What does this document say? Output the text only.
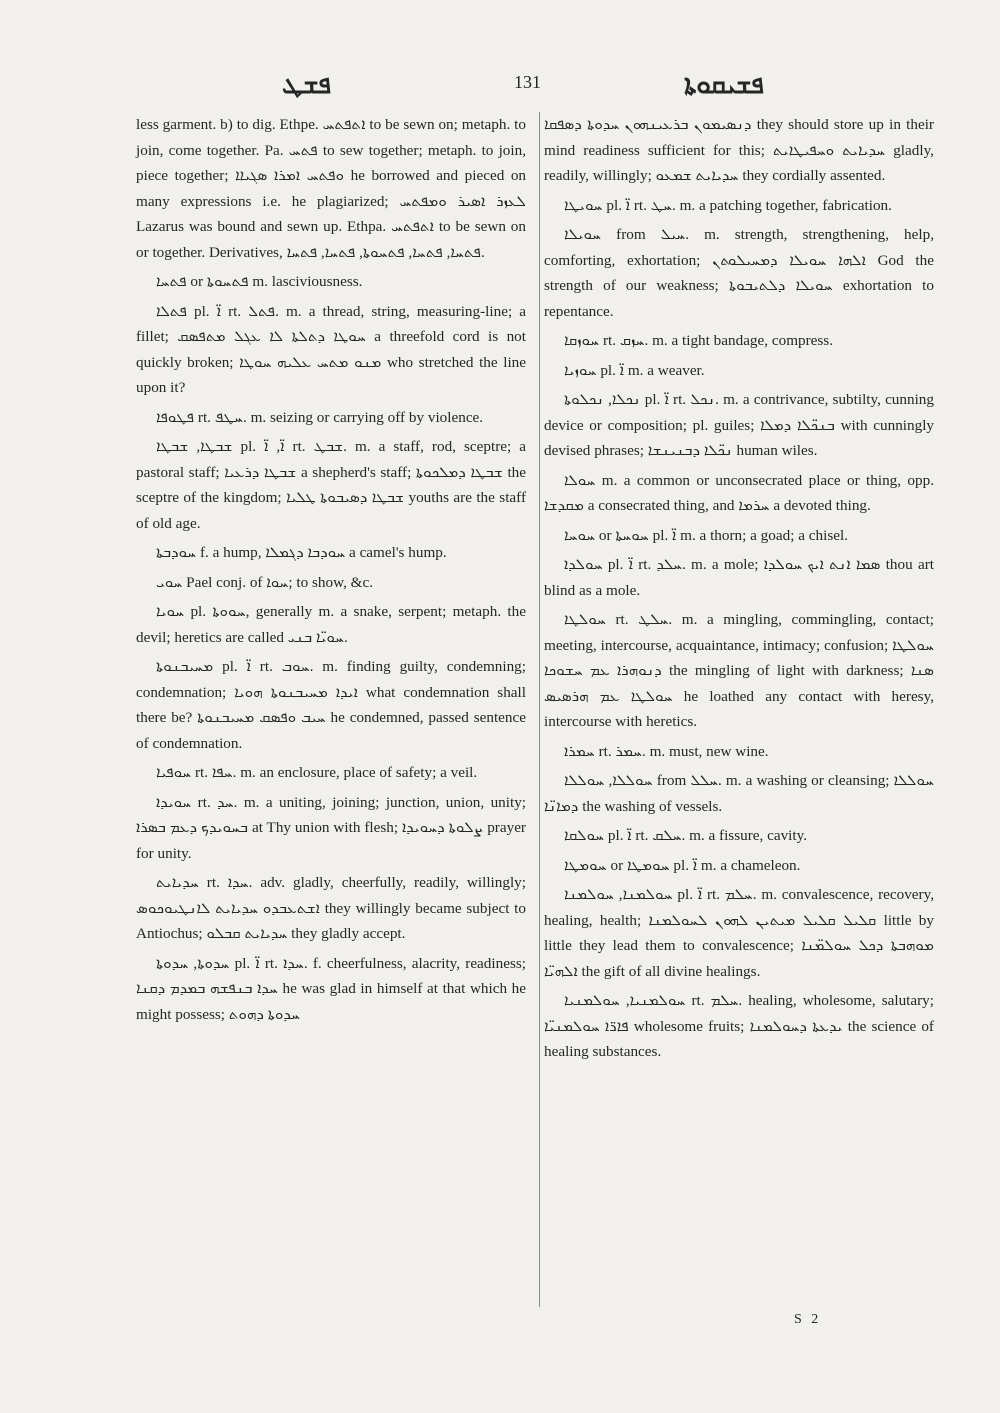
ܦܫܛ	131	ܦܫܝܩܘܬܐ

less garment. b) to dig. Ethpe. ܐܬܦܬܚ to be sewn on; metaph. to join, come together. Pa. ܦܬܚ to sew together; metaph. to join, piece together; ܘܦܬܚ ܐܡܪܐ ܣܓܝܐܐ he borrowed and pieced on many expressions i.e. he plagiarized; ܠܥܙܪ ܐܣܝܪ ܘܡܦܬܚ Lazarus was bound and sewn up. Ethpa. ܐܬܦܬܚ to be sewn on or together. Derivatives, ܦܬܚܐ, ܦܬܚܐ, ܦܬܚܘܬܐ, ܦܬܚܐ, ܦܬܚܐ.

ܦܬܚܐ or ܦܬܚܘܬܐ m. lasciviousness.

ܦܬܠܐ pl. ܐ̈ rt. ܦܬܠ. m. a thread, string, measuring-line; a fillet; ܚܘܛܐ ܕܬܠܬܐ ܠܐ ܥܓܠ ܡܬܦܣܩ a threefold cord is not quickly broken; ܡܢܘ ܡܬܚ ܥܠܝܗ ܚܘܛܐ who stretched the line upon it?

ܦܛܘܦܐ rt. ܚܛܦ. m. seizing or carrying off by violence.

ܫܒܛܐ, ܫܒܛܐ pl. ܐ̈, ܐ̈ rt. ܫܒܛ. m. a staff, rod, sceptre; a pastoral staff; ܫܒܛܐ ܕܪܥܝܐ a shepherd's staff; ܫܒܛܐ ܕܡܠܟܘܬܐ the sceptre of the kingdom; ܫܒܛܐ ܕܣܝܒܘܬܐ ܛܠܝܐ youths are the staff of old age.

ܚܘܕܒܬܐ f. a hump, ܚܘܕܒܐ ܕܓܡܠܐ a camel's hump.

ܚܘܝ Pael conj. of ܚܘܐ; to show, &c.

ܚܘܝܐ pl. ܚܘܘܬܐ, generally m. a snake, serpent; metaph. the devil; heretics are called ܚܘܝ̈ܐ ܒܢܝ.

ܡܚܝܒܢܘܬܐ pl. ܐ̈ rt. ܚܘܒ. m. finding guilty, condemning; condemnation; ܐܝܕܐ ܡܚܝܒܢܘܬܐ ܗܘܝܐ what condemnation shall there be? ܚܝܒ ܘܦܣܩ ܡܚܝܒܢܘܬܐ he condemned, passed sentence of condemnation.

ܚܘܦܝܐ rt. ܚܦܐ. m. an enclosure, place of safety; a veil.

ܚܘܝܕܐ rt. ܚܕ. m. a uniting, joining; junction, union, unity; ܒܚܘܝܕܟ ܕܥܡ ܒܣܪܐ at Thy union with flesh; ܨܠܘܬܐ ܕܚܘܝܕܐ prayer for unity.

ܚܕܝܐܝܬ rt. ܚܕܐ. adv. gladly, cheerfully, readily, willingly; ܐܫܬܥܒܕܘ ܚܕܝܐܝܬ ܠܐܢܛܝܘܟܘܣ they willingly became subject to Antiochus; ܚܕܝܐܝܬ ܩܒܠܘ they gladly accept.

ܚܕܘܬܐ, ܚܕܘܬܐ pl. ܐ̈ rt. ܚܕܐ. f. cheerfulness, alacrity, readiness; ܚܕܐ ܒܢܦܫܗ ܒܡܕܡ ܕܩܢܐ he was glad in himself at that which he might possess; ܚܕܘܬܐ ܕܗܘܬ

ܕܢܣܝܡܘܢ ܒܪܥܝܢܗܘܢ ܚܕܘܬܐ ܕܣܦܩܐ they should store up in their mind readiness sufficient for this; ܚܕܝܐܝܬ ܘܚܦܝܛܐܝܬ gladly, readily, willingly; ܚܕܝܐܝܬ ܫܡܥܘ they cordially assented.

ܚܘܝܛܐ pl. ܐ̈ rt. ܚܛ. m. a patching together, fabrication.

ܚܘܝܠܐ from ܚܝܠ. m. strength, strengthening, help, comforting, exhortation; ܐܠܗܐ ܚܘܝܠܐ ܕܡܚܝܠܘܬܢ God the strength of our weakness; ܚܘܝܠܐ ܕܠܬܝܒܘܬܐ exhortation to repentance.

ܚܘܙܩܐ rt. ܚܙܩ. m. a tight bandage, compress.

ܚܘܙܝܐ pl. ܐ̈ m. a weaver.

ܢܟܠܐ, ܢܟܠܘܬܐ pl. ܐ̈ rt. ܢܟܠ. m. a contrivance, subtilty, cunning device or composition; pl. guiles; ܒܢܟ̈ܠܐ ܕܡܠܐ with cunningly devised phrases; ܢܟ̈ܠܐ ܕܒܢܝܢܫܐ human wiles.

ܚܘܠܐ m. a common or unconsecrated place or thing, opp. ܡܩܕܫܐ a consecrated thing, and ܚܪܡܐ a devoted thing.

ܚܘܚܐ or ܚܘܚܬܐ pl. ܐ̈ m. a thorn; a goad; a chisel.

ܚܘܠܕܐ pl. ܐ̈ rt. ܚܠܕ. m. a mole; ܣܡܐ ܐܢܬ ܐܝܟ ܚܘܠܕܐ thou art blind as a mole.

ܚܘܠܛܐ rt. ܚܠܛ. m. a mingling, commingling, contact; meeting, intercourse, acquaintance, intimacy; confusion; ܚܘܠܛܐ ܕܢܘܗܪܐ ܥܡ ܚܫܘܟܐ the mingling of light with darkness; ܣܢܐ ܚܘܠܛܐ ܥܡ ܗܪܣܝܣ he loathed any contact with heresy, intercourse with heretics.

ܚܡܪܐ rt. ܚܡܪ. m. must, new wine.

ܚܘܠܠܐ, ܚܘܠܠܐ from ܚܠܠ. m. a washing or cleansing; ܚܘܠܠܐ ܕܡܐܢ̈ܐ the washing of vessels.

ܚܘܠܩܐ pl. ܐ̈ rt. ܚܠܩ. m. a fissure, cavity.

ܚܘܡܛܐ or ܚܘܡܛܐ pl. ܐ̈ m. a chameleon.

ܚܘܠܡܢܐ, ܚܘܠܡܢܐ pl. ܐ̈ rt. ܚܠܡ. m. convalescence, recovery, healing, health; ܩܠܝܠ ܩܠܝܠ ܡܝܬܝܢ ܠܗܘܢ ܠܚܘܠܡܢܐ little by little they lead them to convalescence; ܡܘܗܒܬܐ ܕܟܠ ܚܘܠܡ̈ܢܐ ܐܠܗܝ̈ܐ the gift of all divine healings.

ܚܘܠܡܢܝܐ, ܚܘܠܡܢܝܐ rt. ܚܠܡ. healing, wholesome, salutary; ܦܐܪ̈ܐ ܚܘܠܡܢܝ̈ܐ wholesome fruits; ܝܕܥܬܐ ܕܚܘܠܡܢܐ the science of healing substances.

S 2
